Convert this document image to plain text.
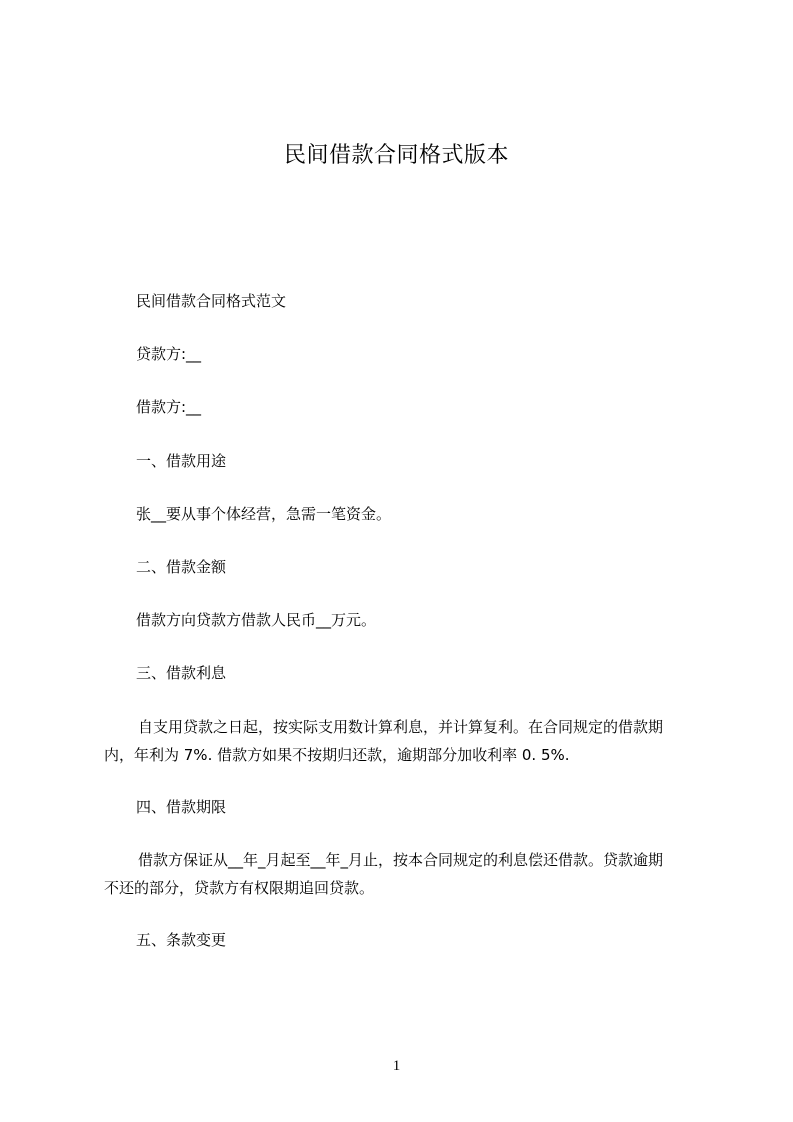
民间借款合同格式版本
民间借款合同格式范文
贷款方:__
借款方:__
一、借款用途
张__要从事个体经营，急需一笔资金。
二、借款金额
借款方向贷款方借款人民币__万元。
三、借款利息
自支用贷款之日起，按实际支用数计算利息，并计算复利。在合同规定的借款期
内，年利为 7%. 借款方如果不按期归还款，逾期部分加收利率 0. 5%.
四、借款期限
借款方保证从__年_月起至__年_月止，按本合同规定的利息偿还借款。贷款逾期
不还的部分，贷款方有权限期追回贷款。
五、条款变更
1
